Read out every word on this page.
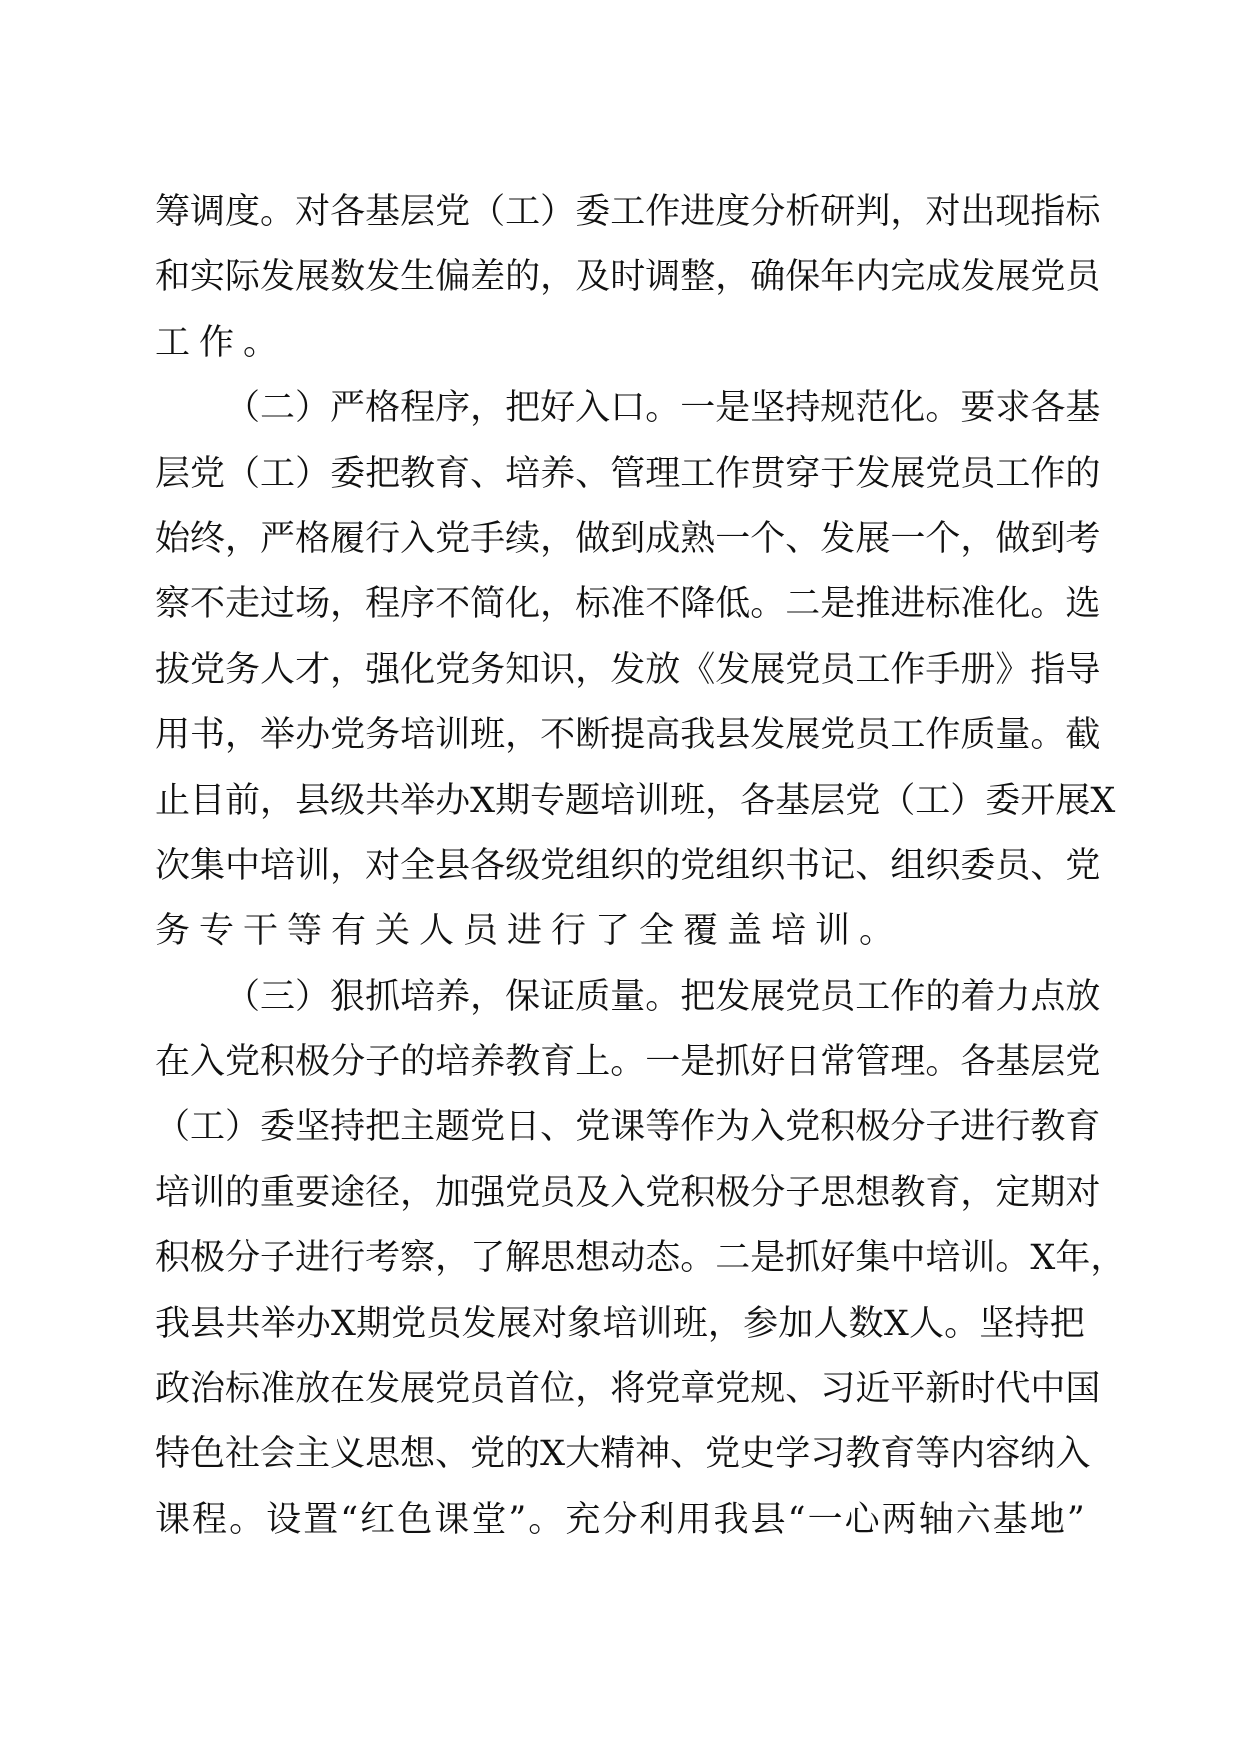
筹 调 度 。 对 各 基 层 党 （ 工 ） 委 工 作 进 度 分 析 研 判 ， 对 出 现 指 标
和 实 际 发 展 数 发 生 偏 差 的 ， 及 时 调 整 ， 确 保 年 内 完 成 发 展 党 员
工作。
（ 二 ） 严 格 程 序 ， 把 好 入 口 。 一 是 坚 持 规 范 化 。 要 求 各 基
层 党 （ 工 ） 委 把 教 育 、 培 养 、 管 理 工 作 贯 穿 于 发 展 党 员 工 作 的
始 终 ， 严 格 履 行 入 党 手 续 ， 做 到 成 熟 一 个 、 发 展 一 个 ， 做 到 考
察 不 走 过 场 ， 程 序 不 简 化 ， 标 准 不 降 低 。 二 是 推 进 标 准 化 。 选
拔 党 务 人 才 ， 强 化 党 务 知 识 ， 发 放 《 发 展 党 员 工 作 手 册 》 指 导
用 书 ， 举 办 党 务 培 训 班 ， 不 断 提 高 我 县 发 展 党 员 工 作 质 量 。 截
止 目 前 ， 县 级 共 举 办 X 期 专 题 培 训 班 ， 各 基 层 党 （ 工 ） 委 开 展 X
次 集 中 培 训 ， 对 全 县 各 级 党 组 织 的 党 组 织 书 记 、 组 织 委 员 、 党
务专干等有关人员进行了全覆盖培训。
（ 三 ） 狠 抓 培 养 ， 保 证 质 量 。 把 发 展 党 员 工 作 的 着 力 点 放
在 入 党 积 极 分 子 的 培 养 教 育 上 。 一 是 抓 好 日 常 管 理 。 各 基 层 党
（ 工 ） 委 坚 持 把 主 题 党 日 、 党 课 等 作 为 入 党 积 极 分 子 进 行 教 育
培 训 的 重 要 途 径 ， 加 强 党 员 及 入 党 积 极 分 子 思 想 教 育 ， 定 期 对
积 极 分 子 进 行 考 察 ， 了 解 思 想 动 态 。 二 是 抓 好 集 中 培 训 。 X 年 ，
我 县 共 举 办 X 期 党 员 发 展 对 象 培 训 班 ， 参 加 人 数 X 人 。 坚 持 把
政 治 标 准 放 在 发 展 党 员 首 位 ， 将 党 章 党 规 、 习 近 平 新 时 代 中 国
特 色 社 会 主 义 思 想 、 党 的 X 大 精 神 、 党 史 学 习 教 育 等 内 容 纳 入
课 程 。 设 置 “ 红 色 课 堂 ” 。 充 分 利 用 我 县 “ 一 心 两 轴 六 基 地 ”
